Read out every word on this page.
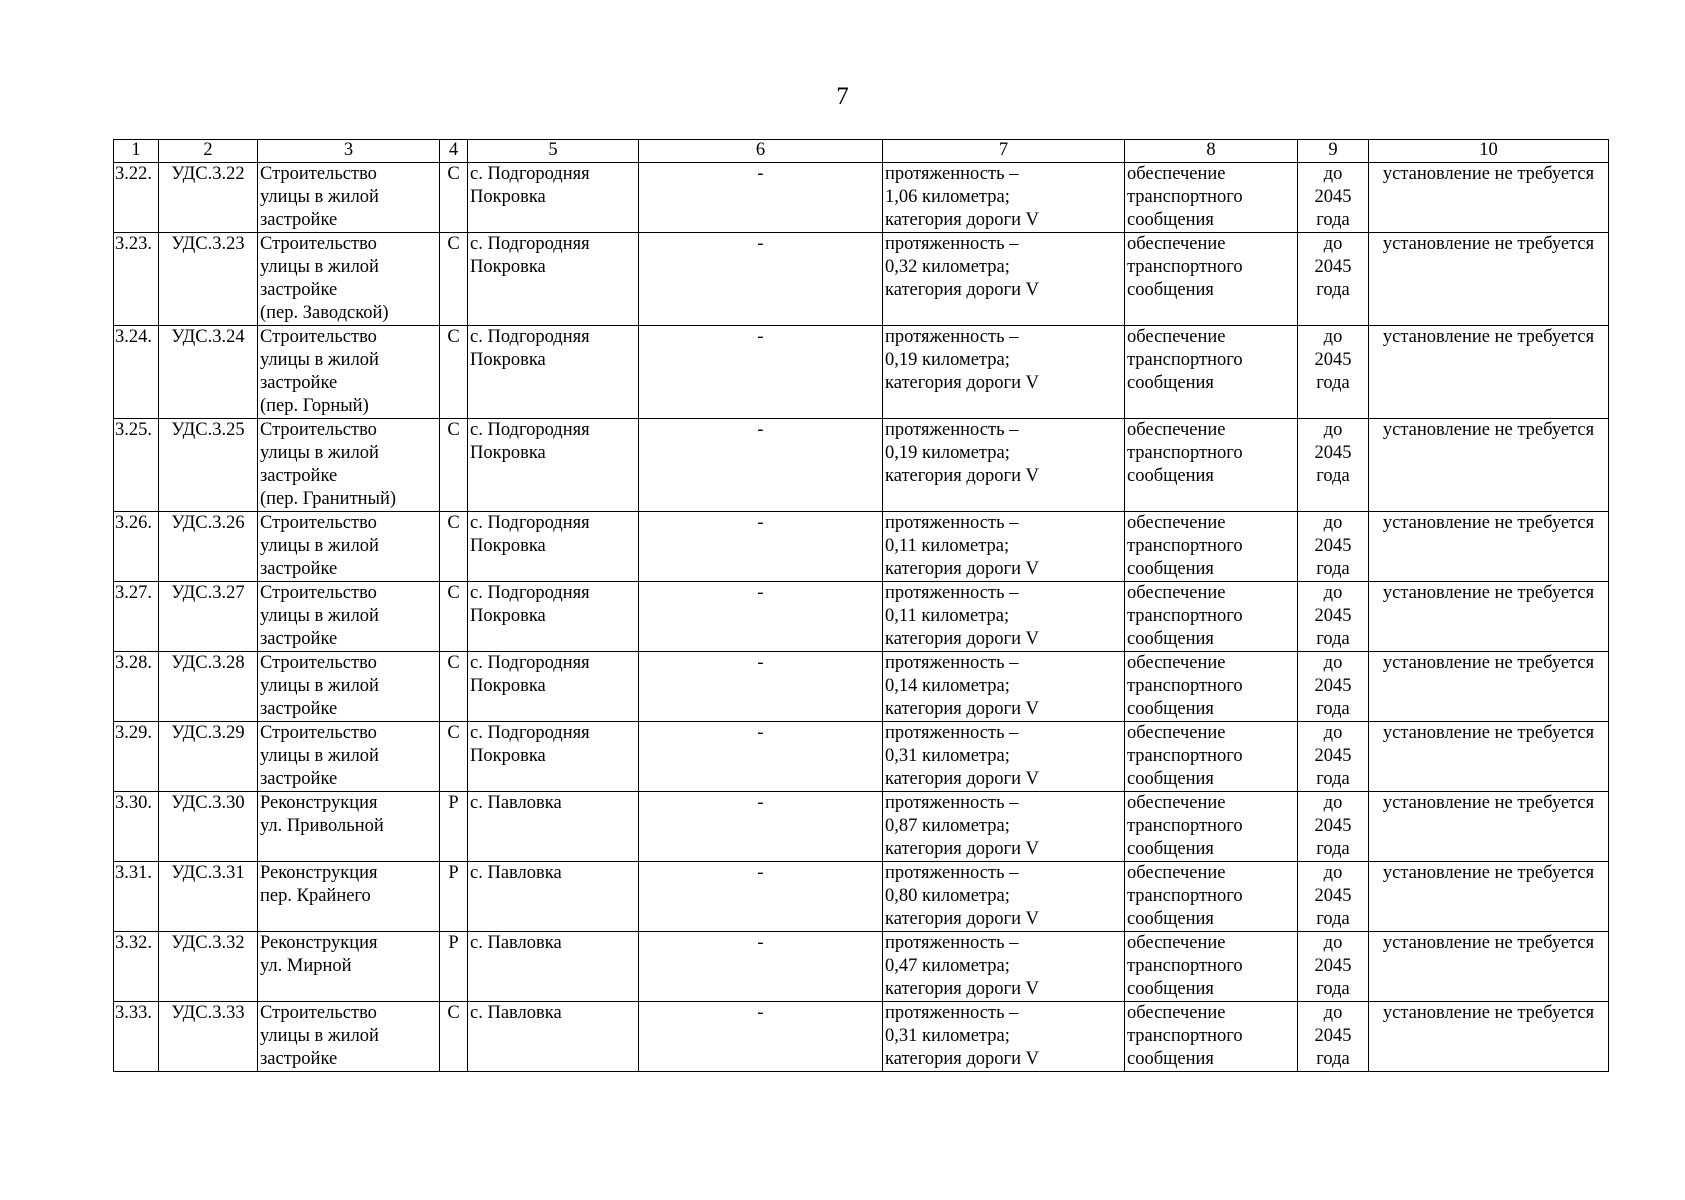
7
1	2	3	4	5	6	7	8	9	10
3.22.	УДС.3.22	Строительство
улицы в жилой
застройке	С	с. Подгородняя
Покровка	-	протяженность –
1,06 километра;
категория дороги V	обеспечение
транспортного
сообщения	до
2045
года	установление не требуется
3.23.	УДС.3.23	Строительство
улицы в жилой
застройке
(пер. Заводской)	С	с. Подгородняя
Покровка	-	протяженность –
0,32 километра;
категория дороги V	обеспечение
транспортного
сообщения	до
2045
года	установление не требуется
3.24.	УДС.3.24	Строительство
улицы в жилой
застройке
(пер. Горный)	С	с. Подгородняя
Покровка	-	протяженность –
0,19 километра;
категория дороги V	обеспечение
транспортного
сообщения	до
2045
года	установление не требуется
3.25.	УДС.3.25	Строительство
улицы в жилой
застройке
(пер. Гранитный)	С	с. Подгородняя
Покровка	-	протяженность –
0,19 километра;
категория дороги V	обеспечение
транспортного
сообщения	до
2045
года	установление не требуется
3.26.	УДС.3.26	Строительство
улицы в жилой
застройке	С	с. Подгородняя
Покровка	-	протяженность –
0,11 километра;
категория дороги V	обеспечение
транспортного
сообщения	до
2045
года	установление не требуется
3.27.	УДС.3.27	Строительство
улицы в жилой
застройке	С	с. Подгородняя
Покровка	-	протяженность –
0,11 километра;
категория дороги V	обеспечение
транспортного
сообщения	до
2045
года	установление не требуется
3.28.	УДС.3.28	Строительство
улицы в жилой
застройке	С	с. Подгородняя
Покровка	-	протяженность –
0,14 километра;
категория дороги V	обеспечение
транспортного
сообщения	до
2045
года	установление не требуется
3.29.	УДС.3.29	Строительство
улицы в жилой
застройке	С	с. Подгородняя
Покровка	-	протяженность –
0,31 километра;
категория дороги V	обеспечение
транспортного
сообщения	до
2045
года	установление не требуется
3.30.	УДС.3.30	Реконструкция
ул. Привольной	Р	с. Павловка	-	протяженность –
0,87 километра;
категория дороги V	обеспечение
транспортного
сообщения	до
2045
года	установление не требуется
3.31.	УДС.3.31	Реконструкция
пер. Крайнего	Р	с. Павловка	-	протяженность –
0,80 километра;
категория дороги V	обеспечение
транспортного
сообщения	до
2045
года	установление не требуется
3.32.	УДС.3.32	Реконструкция
ул. Мирной	Р	с. Павловка	-	протяженность –
0,47 километра;
категория дороги V	обеспечение
транспортного
сообщения	до
2045
года	установление не требуется
3.33.	УДС.3.33	Строительство
улицы в жилой
застройке	С	с. Павловка	-	протяженность –
0,31 километра;
категория дороги V	обеспечение
транспортного
сообщения	до
2045
года	установление не требуется
